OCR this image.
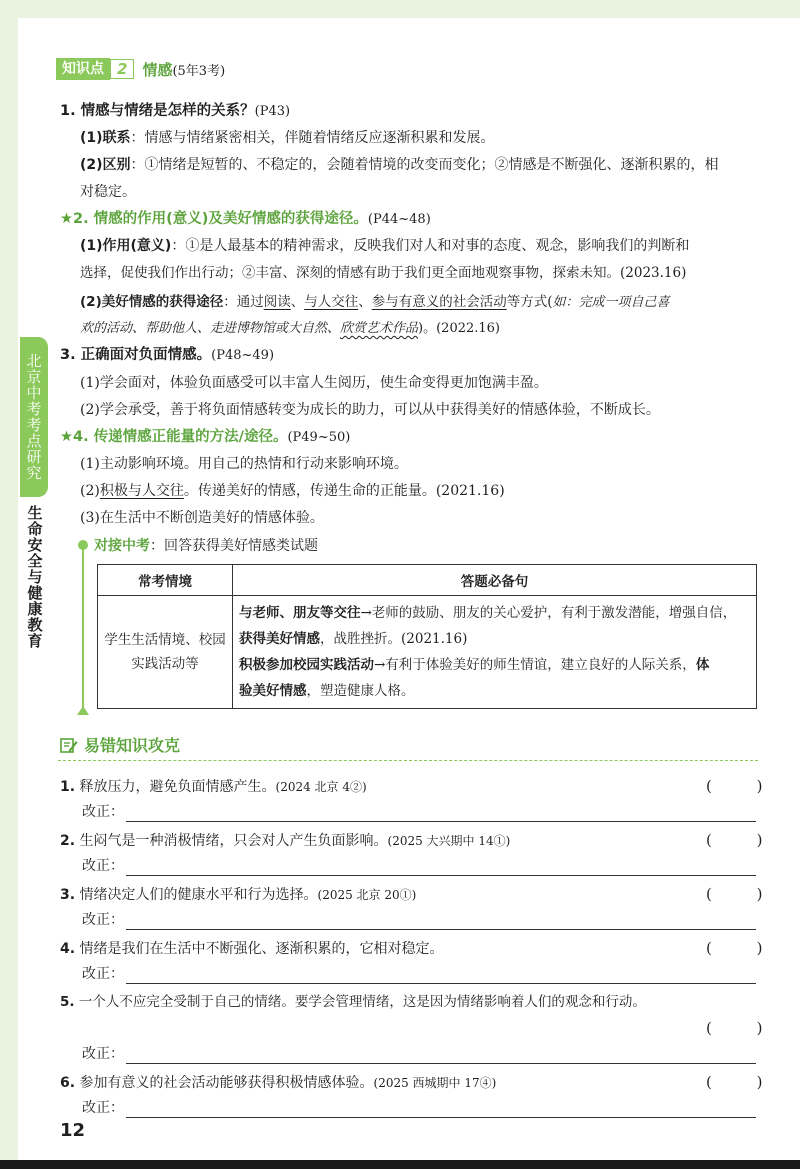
北京中考考点研究
生命安全与健康教育
知识点 2	情感(5年3考)
1. 情感与情绪是怎样的关系？(P43)
(1)联系：情感与情绪紧密相关，伴随着情绪反应逐渐积累和发展。
(2)区别：①情绪是短暂的、不稳定的，会随着情境的改变而变化；②情感是不断强化、逐渐积累的，相
对稳定。
★2. 情感的作用(意义)及美好情感的获得途径。(P44~48)
(1)作用(意义)：①是人最基本的精神需求，反映我们对人和对事的态度、观念，影响我们的判断和
选择，促使我们作出行动；②丰富、深刻的情感有助于我们更全面地观察事物，探索未知。(2023.16)
(2)美好情感的获得途径：通过阅读、与人交往、参与有意义的社会活动等方式(如：完成一项自己喜
欢的活动、帮助他人、走进博物馆或大自然、欣赏艺术作品)。(2022.16)
3. 正确面对负面情感。(P48~49)
(1)学会面对，体验负面感受可以丰富人生阅历，使生命变得更加饱满丰盈。
(2)学会承受，善于将负面情感转变为成长的助力，可以从中获得美好的情感体验，不断成长。
★4. 传递情感正能量的方法/途径。(P49~50)
(1)主动影响环境。用自己的热情和行动来影响环境。
(2)积极与人交往。传递美好的情感，传递生命的正能量。(2021.16)
(3)在生活中不断创造美好的情感体验。
对接中考：回答获得美好情感类试题
常考情境	答题必备句
学生生活情境、校园实践活动等	与老师、朋友等交往→老师的鼓励、朋友的关心爱护，有利于激发潜能，增强自信，
获得美好情感，战胜挫折。(2021.16)
积极参加校园实践活动→有利于体验美好的师生情谊，建立良好的人际关系，体
验美好情感，塑造健康人格。
易错知识攻克
1. 释放压力，避免负面情感产生。(2024 北京 4②)	( )
改正：
2. 生闷气是一种消极情绪，只会对人产生负面影响。(2025 大兴期中 14①)	( )
改正：
3. 情绪决定人们的健康水平和行为选择。(2025 北京 20①)	( )
改正：
4. 情绪是我们在生活中不断强化、逐渐积累的，它相对稳定。	( )
改正：
5. 一个人不应完全受制于自己的情绪。要学会管理情绪，这是因为情绪影响着人们的观念和行动。
( )
改正：
6. 参加有意义的社会活动能够获得积极情感体验。(2025 西城期中 17④)	( )
改正：
12
